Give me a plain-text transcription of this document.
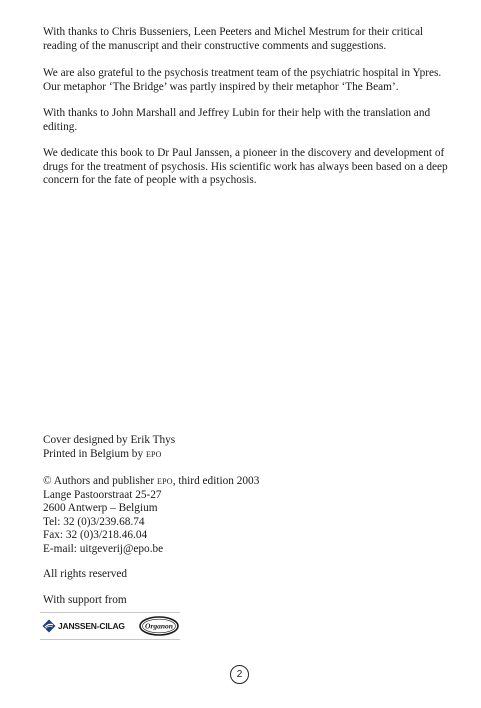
With thanks to Chris Busseniers, Leen Peeters and Michel Mestrum for their critical
reading of the manuscript and their constructive comments and suggestions.

We are also grateful to the psychosis treatment team of the psychiatric hospital in Ypres.
Our metaphor ‘The Bridge’ was partly inspired by their metaphor ‘The Beam’.

With thanks to John Marshall and Jeffrey Lubin for their help with the translation and
editing.

We dedicate this book to Dr Paul Janssen, a pioneer in the discovery and development of
drugs for the treatment of psychosis. His scientific work has always been based on a deep
concern for the fate of people with a psychosis.

Cover designed by Erik Thys
Printed in Belgium by EPO

© Authors and publisher EPO, third edition 2003
Lange Pastoorstraat 25-27
2600 Antwerp – Belgium
Tel: 32 (0)3/239.68.74
Fax: 32 (0)3/218.46.04
E-mail: uitgeverij@epo.be

All rights reserved

With support from

JANSSEN-CILAG	Organon
2
